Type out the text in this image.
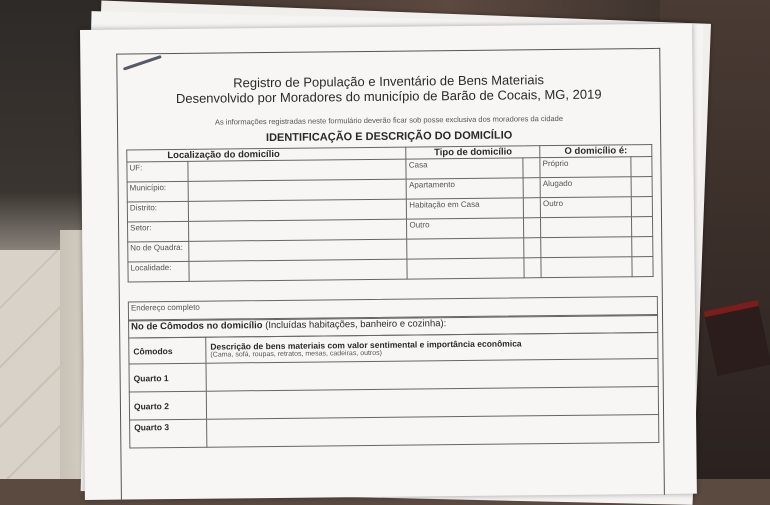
Registro de População e Inventário de Bens Materiais
Desenvolvido por Moradores do município de Barão de Cocais, MG, 2019
As informações registradas neste formulário deverão ficar sob posse exclusiva dos moradores da cidade
IDENTIFICAÇÃO E DESCRIÇÃO DO DOMICÍLIO
Localização do domicílio		Tipo de domicílio		O domicílio é:	
UF:		Casa		Próprio	
Município:		Apartamento		Alugado	
Distrito:		Habitação em Casa		Outro	
Setor:		Outro			
No de Quadra:					
Localidade:					
Endereço completo
No de Cômodos no domicílio (Incluídas habitações, banheiro e cozinha):
Cômodos	Descrição de bens materiais com valor sentimental e importância econômica
(Cama, sofá, roupas, retratos, mesas, cadeiras, outros)

Quarto 1	
Quarto 2	
Quarto 3	
